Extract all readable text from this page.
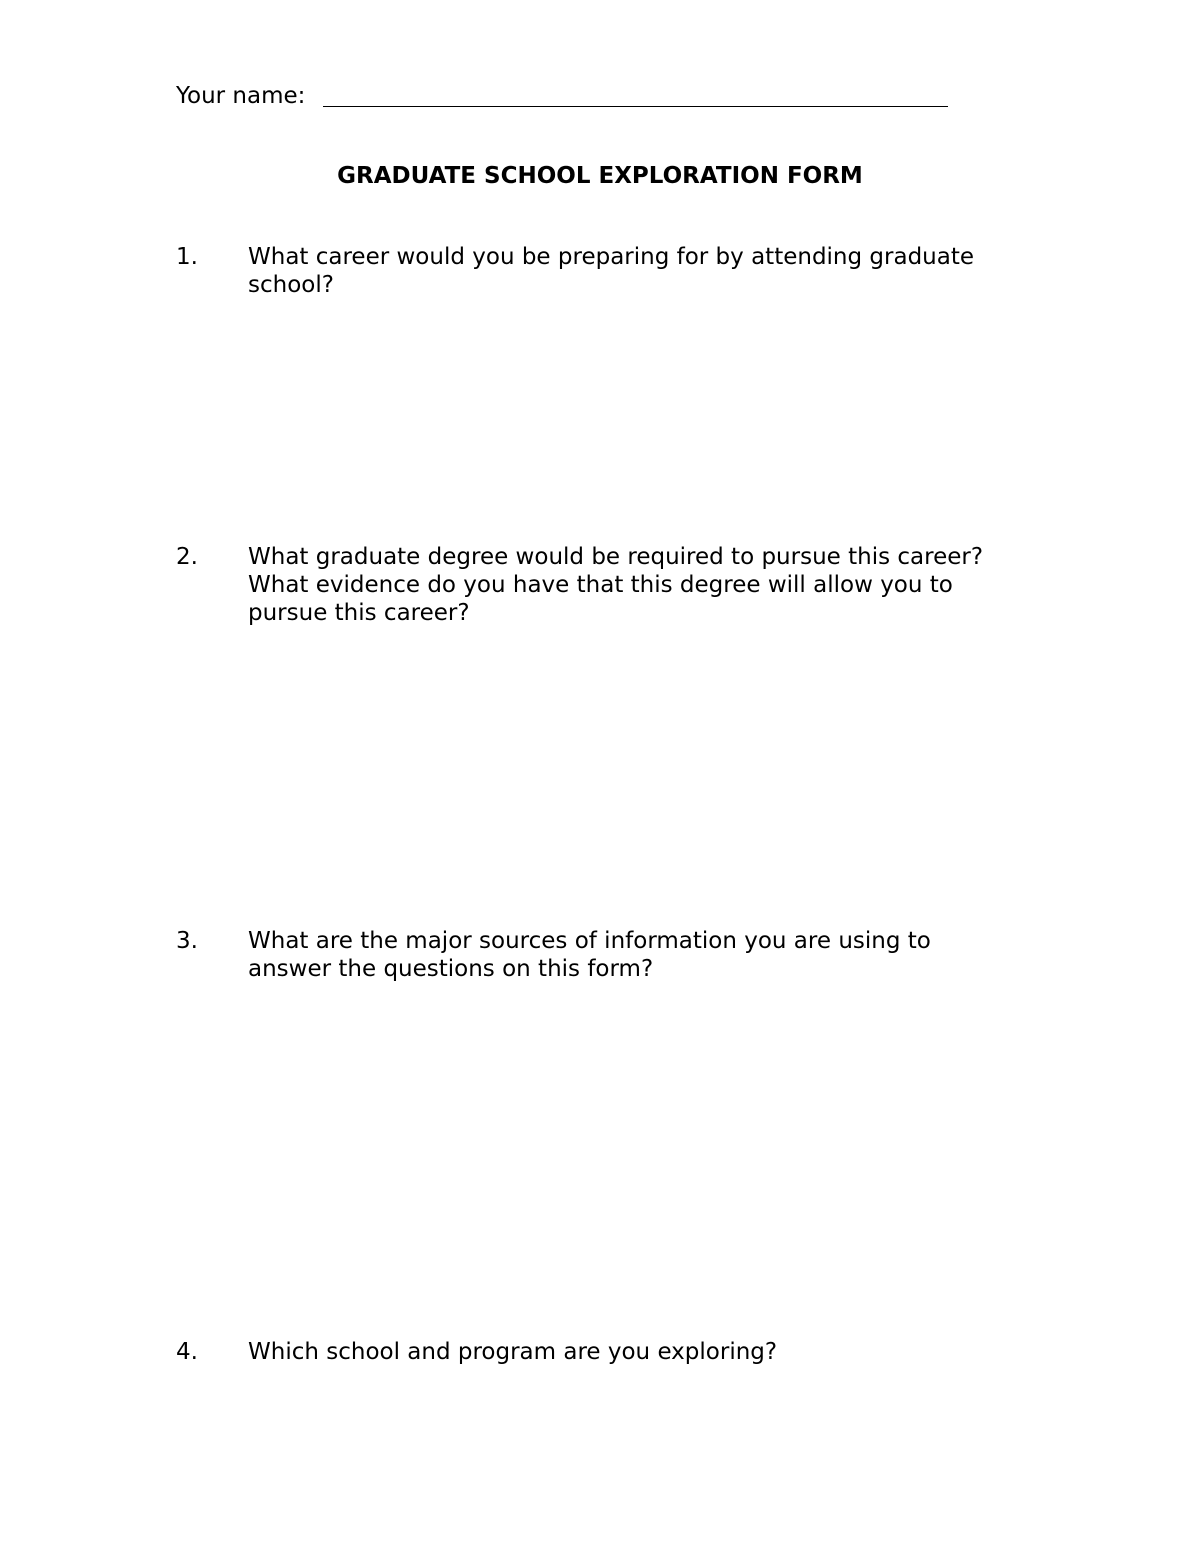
Your name:
GRADUATE SCHOOL EXPLORATION FORM
1.	What career would you be preparing for by attending graduate
school?
2.	What graduate degree would be required to pursue this career?
What evidence do you have that this degree will allow you to
pursue this career?
3.	What are the major sources of information you are using to
answer the questions on this form?
4.	Which school and program are you exploring?
